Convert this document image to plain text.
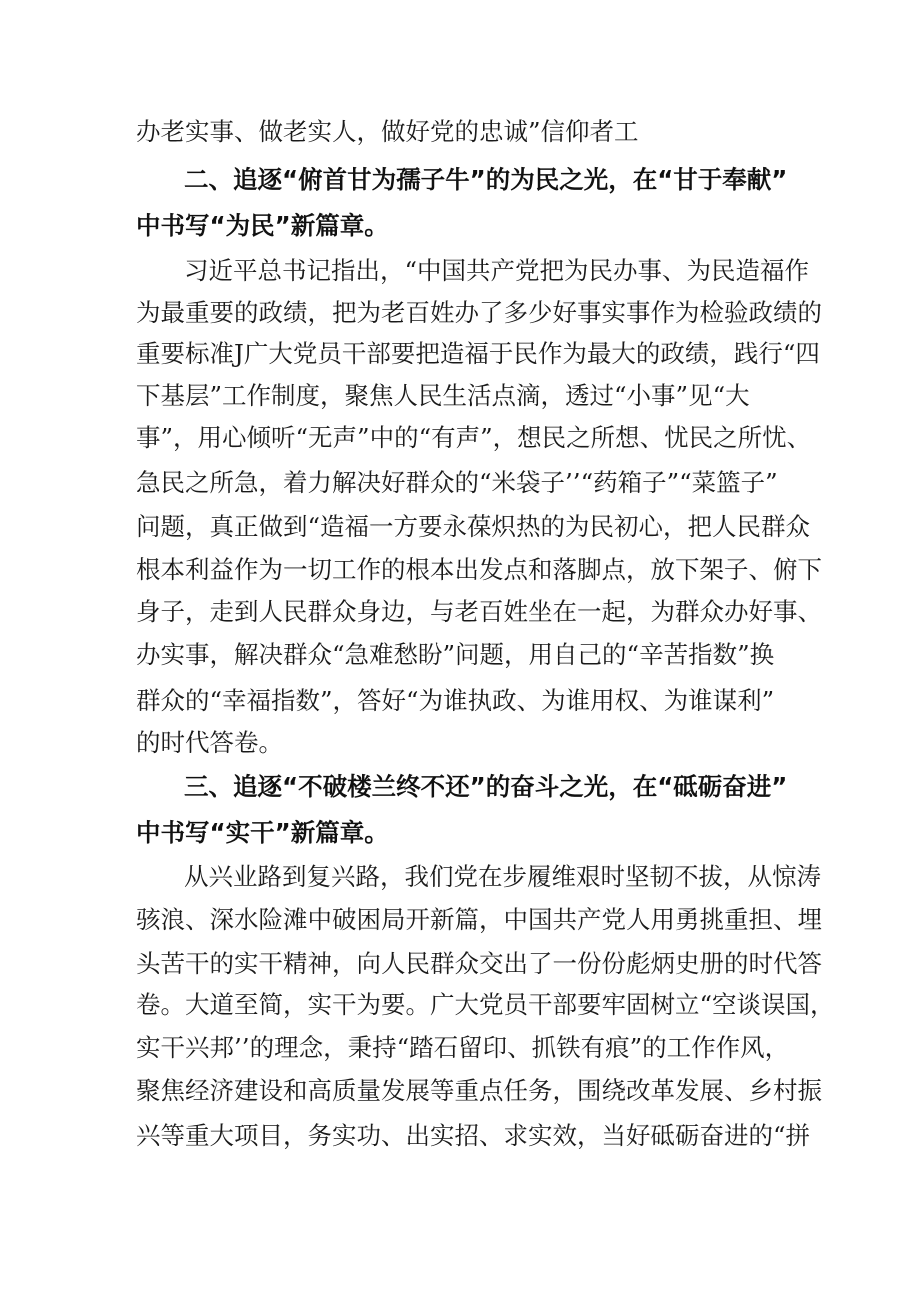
办老实事、做老实人，做好党的忠诚”信仰者工

二、追逐“俯首甘为孺子牛”的为民之光，在“甘于奉献”

中书写“为民”新篇章。

习近平总书记指出，“中国共产党把为民办事、为民造福作

为最重要的政绩，把为老百姓办了多少好事实事作为检验政绩的

重要标准J广大党员干部要把造福于民作为最大的政绩，践行“四

下基层”工作制度，聚焦人民生活点滴，透过“小事”见“大

事”，用心倾听“无声”中的“有声”，想民之所想、忧民之所忧、

急民之所急，着力解决好群众的“米袋子’’“药箱子”“菜篮子”

问题，真正做到“造福一方要永葆炽热的为民初心，把人民群众

根本利益作为一切工作的根本出发点和落脚点，放下架子、俯下

身子，走到人民群众身边，与老百姓坐在一起，为群众办好事、

办实事，解决群众“急难愁盼”问题，用自己的“辛苦指数”换

群众的“幸福指数”，答好“为谁执政、为谁用权、为谁谋利”

的时代答卷。

三、追逐“不破楼兰终不还”的奋斗之光，在“砥砺奋进”

中书写“实干”新篇章。

从兴业路到复兴路，我们党在步履维艰时坚韧不拔，从惊涛

骇浪、深水险滩中破困局开新篇，中国共产党人用勇挑重担、埋

头苦干的实干精神，向人民群众交出了一份份彪炳史册的时代答

卷。大道至简，实干为要。广大党员干部要牢固树立“空谈误国，

实干兴邦’’的理念，秉持“踏石留印、抓铁有痕”的工作作风，

聚焦经济建设和高质量发展等重点任务，围绕改革发展、乡村振

兴等重大项目，务实功、出实招、求实效，当好砥砺奋进的“拼
